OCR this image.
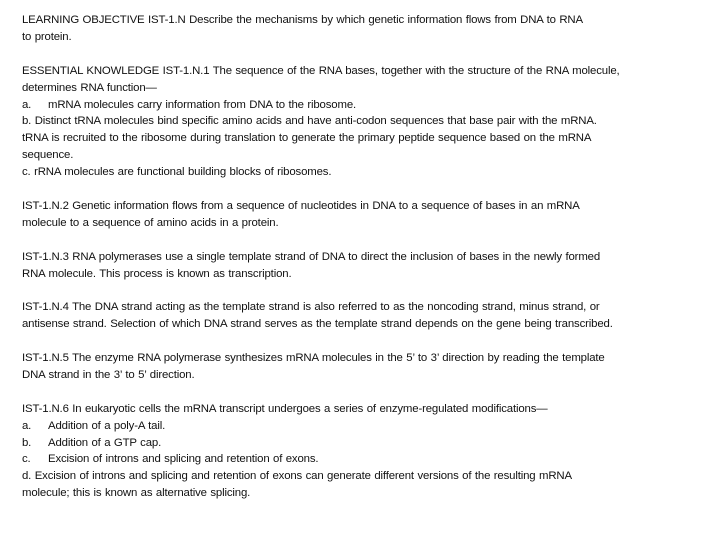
LEARNING OBJECTIVE IST-1.N Describe the mechanisms by which genetic information flows from DNA to RNA
to protein.
ESSENTIAL KNOWLEDGE IST-1.N.1 The sequence of the RNA bases, together with the structure of the RNA molecule,
determines RNA function—
a. mRNA molecules carry information from DNA to the ribosome.
b. Distinct tRNA molecules bind specific amino acids and have anti-codon sequences that base pair with the mRNA.
tRNA is recruited to the ribosome during translation to generate the primary peptide sequence based on the mRNA
sequence.
c. rRNA molecules are functional building blocks of ribosomes.
IST-1.N.2 Genetic information flows from a sequence of nucleotides in DNA to a sequence of bases in an mRNA
molecule to a sequence of amino acids in a protein.
IST-1.N.3 RNA polymerases use a single template strand of DNA to direct the inclusion of bases in the newly formed
RNA molecule. This process is known as transcription.
IST-1.N.4 The DNA strand acting as the template strand is also referred to as the noncoding strand, minus strand, or
antisense strand. Selection of which DNA strand serves as the template strand depends on the gene being transcribed.
IST-1.N.5 The enzyme RNA polymerase synthesizes mRNA molecules in the 5’ to 3’ direction by reading the template
DNA strand in the 3’ to 5’ direction.
IST-1.N.6 In eukaryotic cells the mRNA transcript undergoes a series of enzyme-regulated modifications—
a. Addition of a poly-A tail.
b. Addition of a GTP cap.
c. Excision of introns and splicing and retention of exons.
d. Excision of introns and splicing and retention of exons can generate different versions of the resulting mRNA
molecule; this is known as alternative splicing.
